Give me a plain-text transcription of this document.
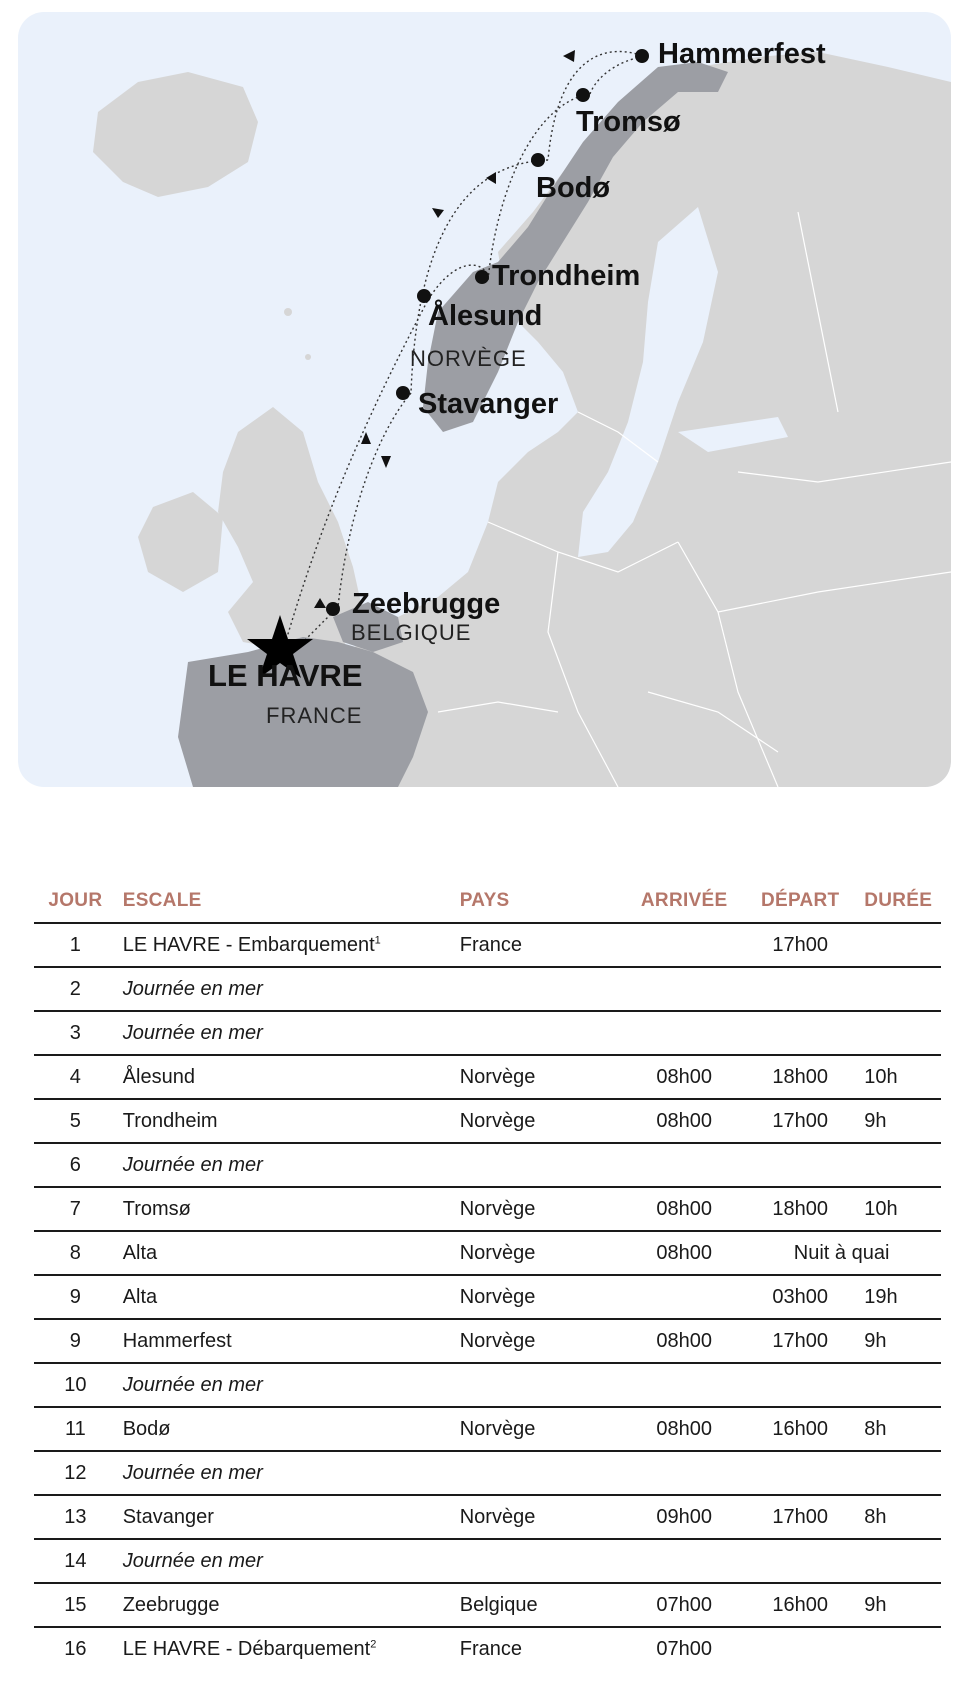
Hammerfest
Tromsø
Bodø
Trondheim
Ålesund
NORVÈGE
Stavanger
Zeebrugge
BELGIQUE
LE HAVRE
FRANCE
JOUR	ESCALE	PAYS	ARRIVÉE	DÉPART	DURÉE
1	LE HAVRE - Embarquement$^1$	France		17h00	
2	Journée en mer				
3	Journée en mer				
4	Ålesund	Norvège	08h00	18h00	10h
5	Trondheim	Norvège	08h00	17h00	9h
6	Journée en mer				
7	Tromsø	Norvège	08h00	18h00	10h
8	Alta	Norvège	08h00	Nuit à quai	
9	Alta	Norvège		03h00	19h
9	Hammerfest	Norvège	08h00	17h00	9h
10	Journée en mer				
11	Bodø	Norvège	08h00	16h00	8h
12	Journée en mer				
13	Stavanger	Norvège	09h00	17h00	8h
14	Journée en mer				
15	Zeebrugge	Belgique	07h00	16h00	9h
16	LE HAVRE - Débarquement$^2$	France	07h00		
